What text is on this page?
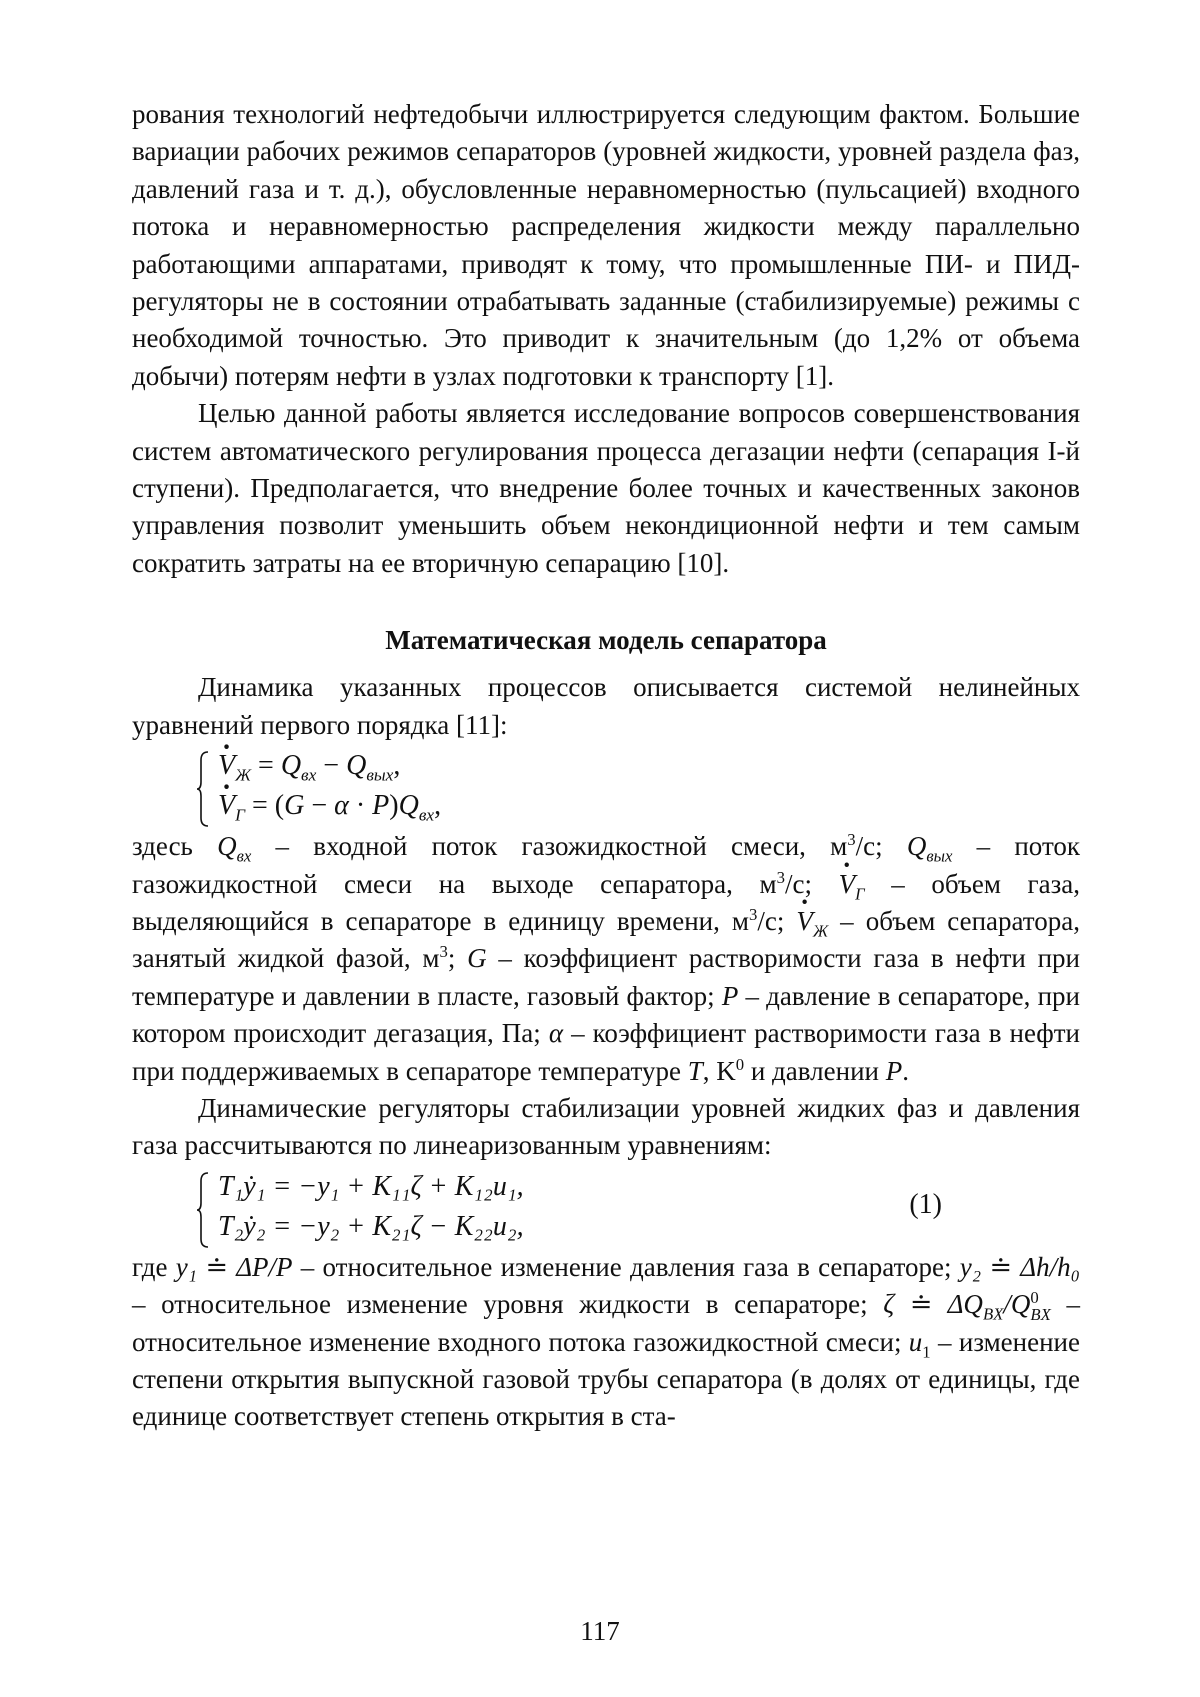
рования технологий нефтедобычи иллюстрируется следующим фактом. Большие вариации рабочих режимов сепараторов (уровней жидкости, уровней раздела фаз, давлений газа и т. д.), обусловленные неравномерностью (пульсацией) входного потока и неравномерностью распределения жидкости между параллельно работающими аппаратами, приводят к тому, что промышленные ПИ- и ПИД-регуляторы не в состоянии отрабатывать заданные (стабилизируемые) режимы с необходимой точностью. Это приводит к значительным (до 1,2% от объема добычи) потерям нефти в узлах подготовки к транспорту [1].

Целью данной работы является исследование вопросов совершенствования систем автоматического регулирования процесса дегазации нефти (сепарация I-й ступени). Предполагается, что внедрение более точных и качественных законов управления позволит уменьшить объем некондиционной нефти и тем самым сократить затраты на ее вторичную сепарацию [10].

Математическая модель сепаратора

Динамика указанных процессов описывается системой нелинейных уравнений первого порядка [11]:

$V \cdot_Ж = Q_{вх} - Q_{вых}$,
$V \cdot_Г = (G - \alpha \cdot P)Q_{вх}$,

здесь $Q_{вх}$ – входной поток газожидкостной смеси, $м^3/с$; $Q_{вых}$ – поток газожидкостной смеси на выходе сепаратора, $м^3/с$; $V \cdot_Г$ – объем газа, выделяющийся в сепараторе в единицу времени, $м^3/с$; $V \cdot_Ж$ – объем сепаратора, занятый жидкой фазой, $м^3$; G – коэффициент растворимости газа в нефти при температуре и давлении в пласте, газовый фактор; P – давление в сепараторе, при котором происходит дегазация, Па; α – коэффициент растворимости газа в нефти при поддерживаемых в сепараторе температуре T, $K^0$ и давлении P.

Динамические регуляторы стабилизации уровней жидких фаз и давления газа рассчитываются по линеаризованным уравнениям:

T₁ẏ₁ = −y₁ + K₁₁ζ + K₁₂u₁,
T₂ẏ₂ = −y₂ + K₂₁ζ − K₂₂u₂,
(1)

где y₁ ≐ ΔP/P – относительное изменение давления газа в сепараторе; y₂ ≐ Δh/h₀ – относительное изменение уровня жидкости в сепараторе; ζ ≐ $\Delta Q_{BX}/Q^0_{BX}$ – относительное изменение входного потока газожидкостной смеси; $u_1$ – изменение степени открытия выпускной газовой трубы сепаратора (в долях от единицы, где единице соответствует степень открытия в ста-

117
